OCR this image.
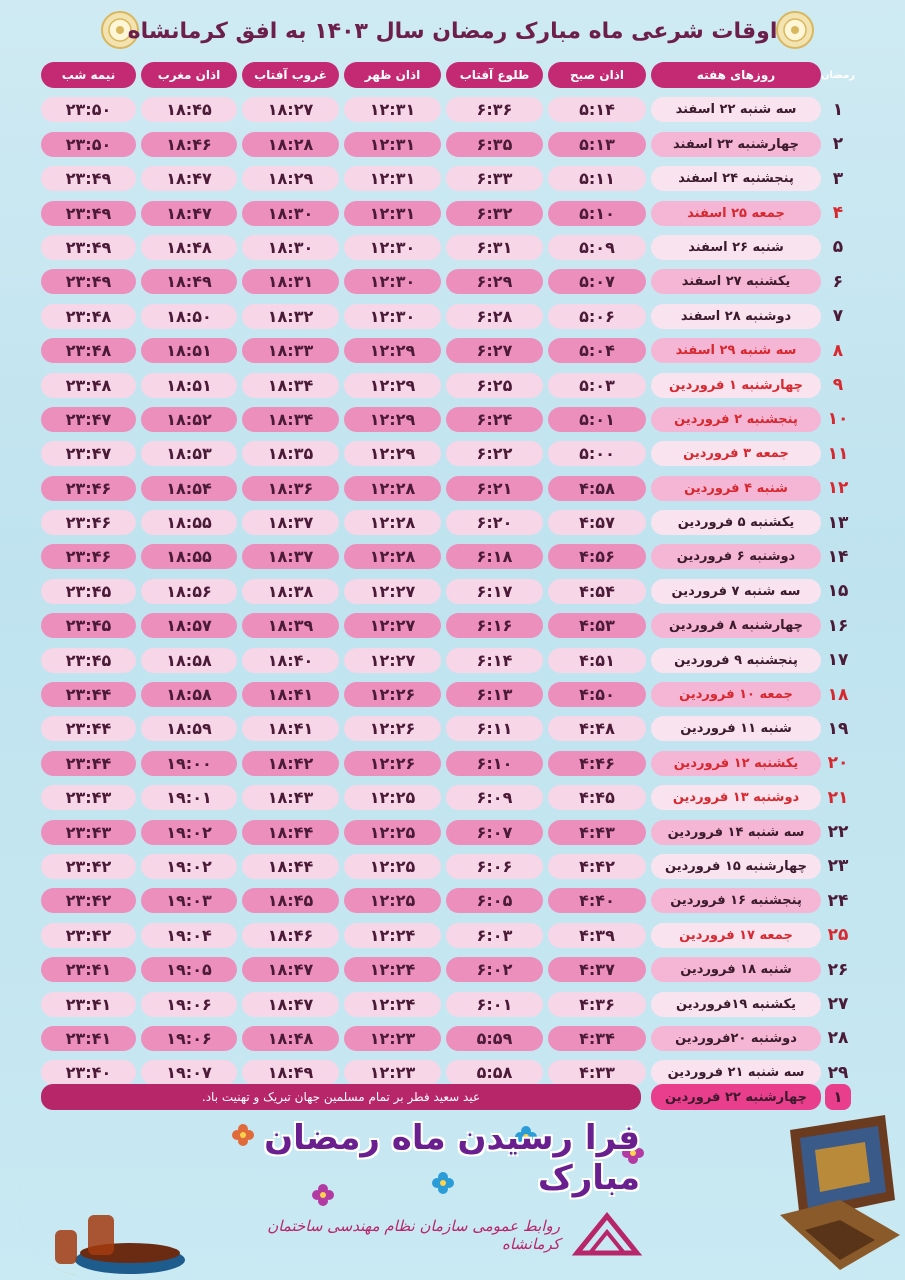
اوقات شرعی ماه مبارک رمضان سال ۱۴۰۳ به افق کرمانشاه
نیمه شب	اذان مغرب	غروب آفتاب	اذان ظهر	طلوع آفتاب	اذان صبح	روزهای هفته	رمضان
۲۳:۵۰	۱۸:۴۵	۱۸:۲۷	۱۲:۳۱	۶:۳۶	۵:۱۴	سه شنبه ۲۲ اسفند	۱
۲۳:۵۰	۱۸:۴۶	۱۸:۲۸	۱۲:۳۱	۶:۳۵	۵:۱۳	چهارشنبه ۲۳ اسفند	۲
۲۳:۴۹	۱۸:۴۷	۱۸:۲۹	۱۲:۳۱	۶:۳۳	۵:۱۱	پنجشنبه ۲۴ اسفند	۳
۲۳:۴۹	۱۸:۴۷	۱۸:۳۰	۱۲:۳۱	۶:۳۲	۵:۱۰	جمعه ۲۵ اسفند	۴
۲۳:۴۹	۱۸:۴۸	۱۸:۳۰	۱۲:۳۰	۶:۳۱	۵:۰۹	شنبه ۲۶ اسفند	۵
۲۳:۴۹	۱۸:۴۹	۱۸:۳۱	۱۲:۳۰	۶:۲۹	۵:۰۷	یکشنبه ۲۷ اسفند	۶
۲۳:۴۸	۱۸:۵۰	۱۸:۳۲	۱۲:۳۰	۶:۲۸	۵:۰۶	دوشنبه ۲۸ اسفند	۷
۲۳:۴۸	۱۸:۵۱	۱۸:۳۳	۱۲:۲۹	۶:۲۷	۵:۰۴	سه شنبه ۲۹ اسفند	۸
۲۳:۴۸	۱۸:۵۱	۱۸:۳۴	۱۲:۲۹	۶:۲۵	۵:۰۳	چهارشنبه ۱ فروردین	۹
۲۳:۴۷	۱۸:۵۲	۱۸:۳۴	۱۲:۲۹	۶:۲۴	۵:۰۱	پنجشنبه ۲ فروردین	۱۰
۲۳:۴۷	۱۸:۵۳	۱۸:۳۵	۱۲:۲۹	۶:۲۲	۵:۰۰	جمعه ۳ فروردین	۱۱
۲۳:۴۶	۱۸:۵۴	۱۸:۳۶	۱۲:۲۸	۶:۲۱	۴:۵۸	شنبه ۴ فروردین	۱۲
۲۳:۴۶	۱۸:۵۵	۱۸:۳۷	۱۲:۲۸	۶:۲۰	۴:۵۷	یکشنبه ۵ فروردین	۱۳
۲۳:۴۶	۱۸:۵۵	۱۸:۳۷	۱۲:۲۸	۶:۱۸	۴:۵۶	دوشنبه ۶ فروردین	۱۴
۲۳:۴۵	۱۸:۵۶	۱۸:۳۸	۱۲:۲۷	۶:۱۷	۴:۵۴	سه شنبه ۷ فروردین	۱۵
۲۳:۴۵	۱۸:۵۷	۱۸:۳۹	۱۲:۲۷	۶:۱۶	۴:۵۳	چهارشنبه ۸ فروردین	۱۶
۲۳:۴۵	۱۸:۵۸	۱۸:۴۰	۱۲:۲۷	۶:۱۴	۴:۵۱	پنجشنبه ۹ فروردین	۱۷
۲۳:۴۴	۱۸:۵۸	۱۸:۴۱	۱۲:۲۶	۶:۱۳	۴:۵۰	جمعه ۱۰ فروردین	۱۸
۲۳:۴۴	۱۸:۵۹	۱۸:۴۱	۱۲:۲۶	۶:۱۱	۴:۴۸	شنبه ۱۱ فروردین	۱۹
۲۳:۴۴	۱۹:۰۰	۱۸:۴۲	۱۲:۲۶	۶:۱۰	۴:۴۶	یکشنبه ۱۲ فروردین	۲۰
۲۳:۴۳	۱۹:۰۱	۱۸:۴۳	۱۲:۲۵	۶:۰۹	۴:۴۵	دوشنبه ۱۳ فروردین	۲۱
۲۳:۴۳	۱۹:۰۲	۱۸:۴۴	۱۲:۲۵	۶:۰۷	۴:۴۳	سه شنبه ۱۴ فروردین	۲۲
۲۳:۴۲	۱۹:۰۲	۱۸:۴۴	۱۲:۲۵	۶:۰۶	۴:۴۲	چهارشنبه ۱۵ فروردین	۲۳
۲۳:۴۲	۱۹:۰۳	۱۸:۴۵	۱۲:۲۵	۶:۰۵	۴:۴۰	پنجشنبه ۱۶ فروردین	۲۴
۲۳:۴۲	۱۹:۰۴	۱۸:۴۶	۱۲:۲۴	۶:۰۳	۴:۳۹	جمعه ۱۷ فروردین	۲۵
۲۳:۴۱	۱۹:۰۵	۱۸:۴۷	۱۲:۲۴	۶:۰۲	۴:۳۷	شنبه ۱۸ فروردین	۲۶
۲۳:۴۱	۱۹:۰۶	۱۸:۴۷	۱۲:۲۴	۶:۰۱	۴:۳۶	یکشنبه ۱۹فروردین	۲۷
۲۳:۴۱	۱۹:۰۶	۱۸:۴۸	۱۲:۲۳	۵:۵۹	۴:۳۴	دوشنبه ۲۰فروردین	۲۸
۲۳:۴۰	۱۹:۰۷	۱۸:۴۹	۱۲:۲۳	۵:۵۸	۴:۳۳	سه شنبه ۲۱ فروردین	۲۹
عید سعید فطر بر تمام مسلمین جهان تبریک و تهنیت باد.	چهارشنبه ۲۲ فروردین	۱
فرا رسیدن ماه رمضان مبارک
روابط عمومی سازمان نظام مهندسی ساختمان کرمانشاه
